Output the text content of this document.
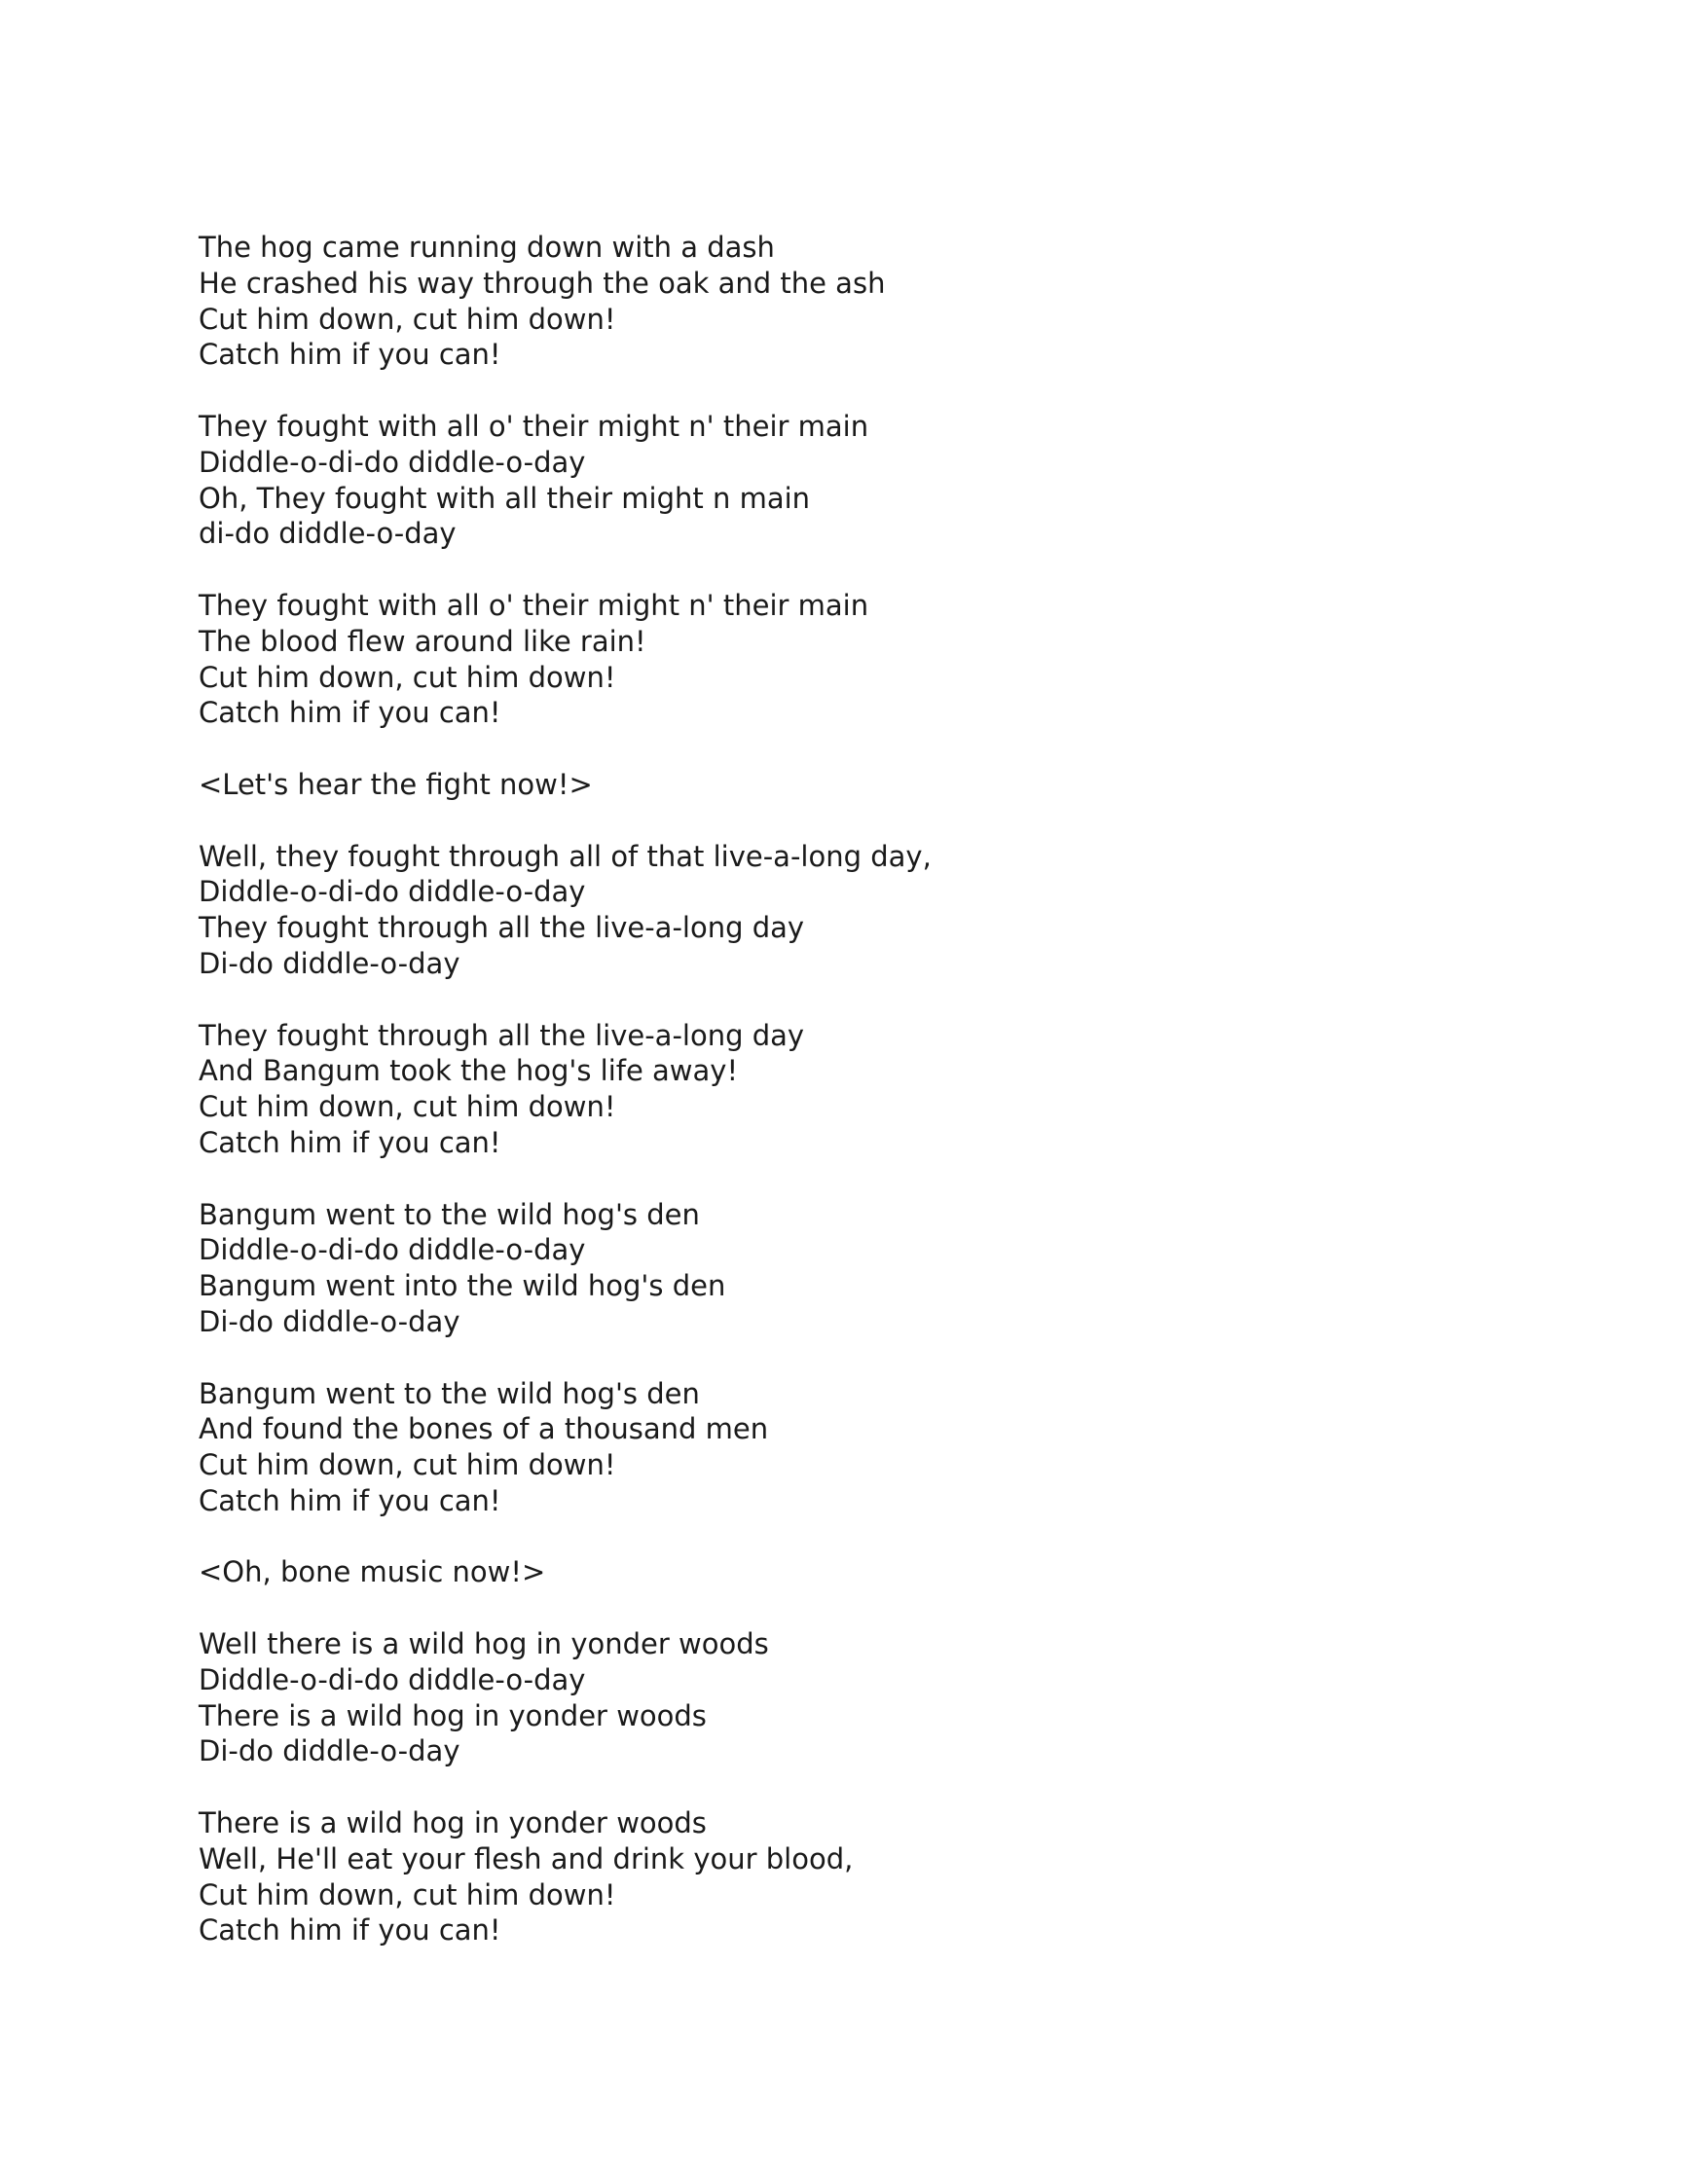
The hog came running down with a dash
He crashed his way through the oak and the ash
Cut him down, cut him down!
Catch him if you can!
They fought with all o' their might n' their main
Diddle-o-di-do diddle-o-day
Oh, They fought with all their might n main
di-do diddle-o-day
They fought with all o' their might n' their main
The blood flew around like rain!
Cut him down, cut him down!
Catch him if you can!
<Let's hear the fight now!>
Well, they fought through all of that live-a-long day,
Diddle-o-di-do diddle-o-day
They fought through all the live-a-long day
Di-do diddle-o-day
They fought through all the live-a-long day
And Bangum took the hog's life away!
Cut him down, cut him down!
Catch him if you can!
Bangum went to the wild hog's den
Diddle-o-di-do diddle-o-day
Bangum went into the wild hog's den
Di-do diddle-o-day
Bangum went to the wild hog's den
And found the bones of a thousand men
Cut him down, cut him down!
Catch him if you can!
<Oh, bone music now!>
Well there is a wild hog in yonder woods
Diddle-o-di-do diddle-o-day
There is a wild hog in yonder woods
Di-do diddle-o-day
There is a wild hog in yonder woods
Well, He'll eat your flesh and drink your blood,
Cut him down, cut him down!
Catch him if you can!
